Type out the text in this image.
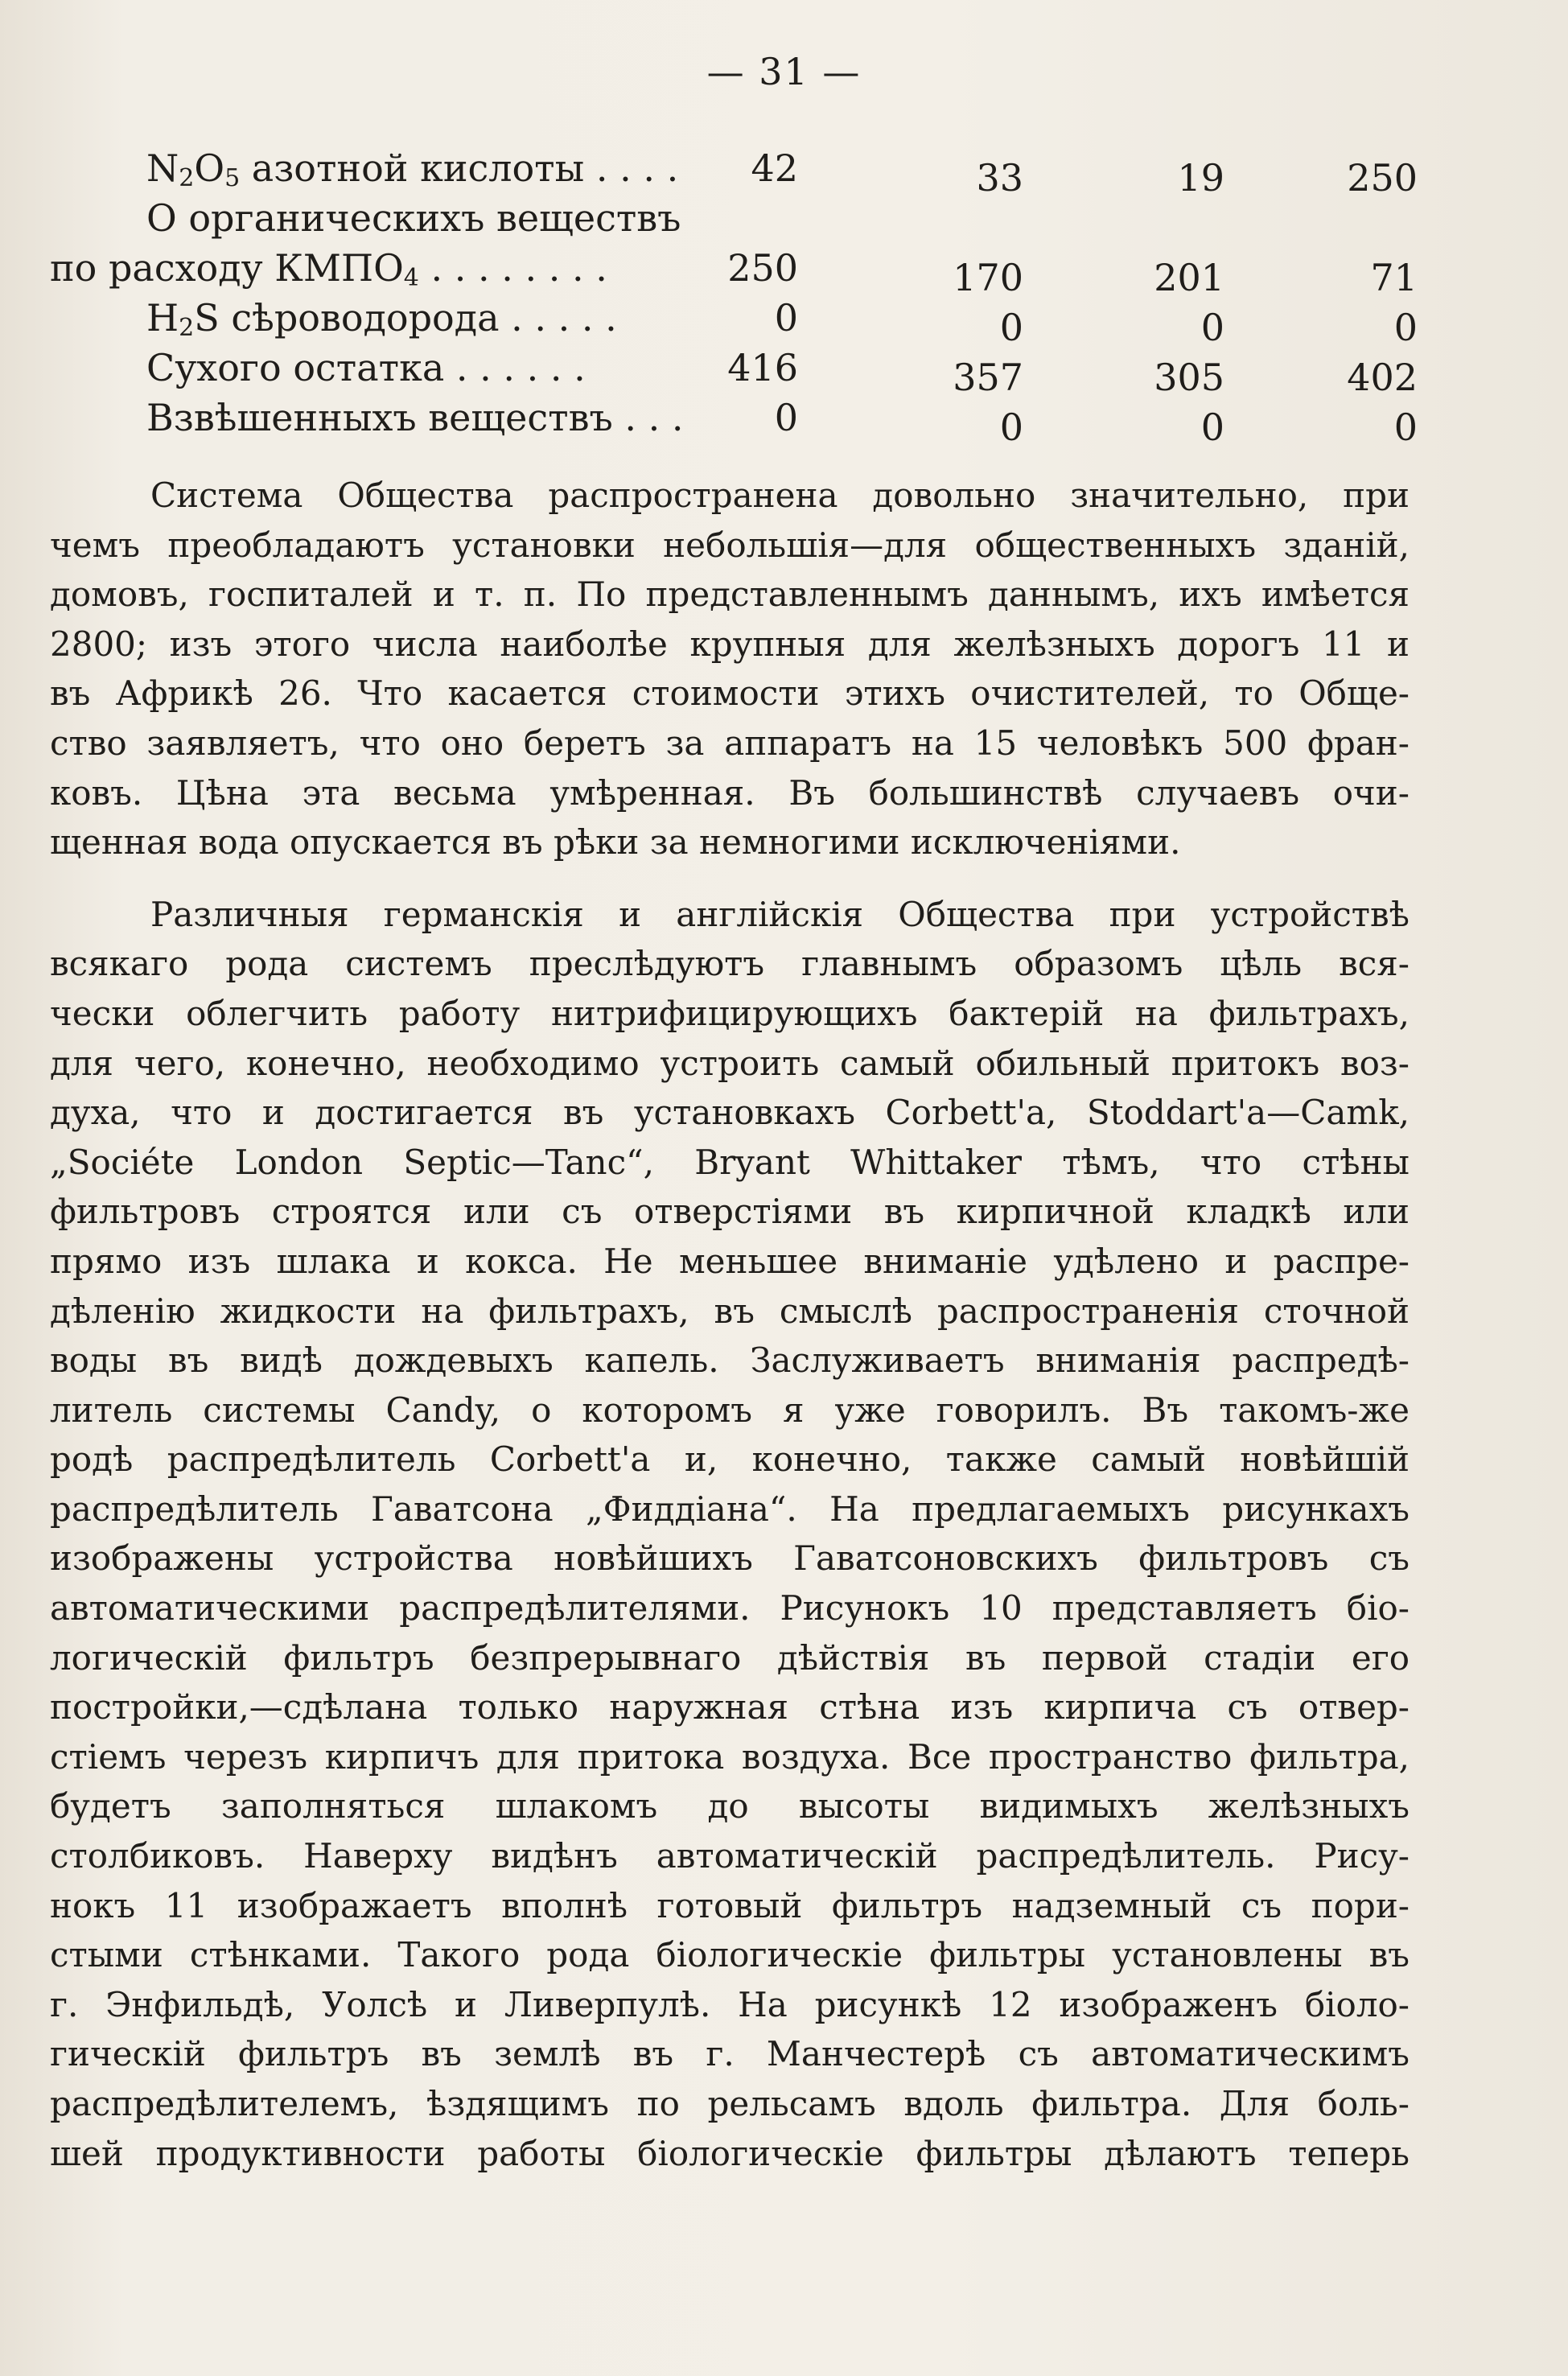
— 31 —
$N_2O_5$ азотной кислоты . . . .	42	33	19	250
О органическихъ веществъ
по расходу $КМПО_4$ . . . . . . . .	250	170	201	71
$H_2S$ сѣроводорода . . . . .	0	0	0	0
Сухого остатка . . . . . .	416	357	305	402
Взвѣшенныхъ веществъ . . .	0	0	0	0
Система Общества распространена довольно значительно, при
чемъ преобладаютъ установки небольшія—для общественныхъ зданій,
домовъ, госпиталей и т. п. По представленнымъ даннымъ, ихъ имѣется
2800; изъ этого числа наиболѣе крупныя для желѣзныхъ дорогъ 11 и
въ Африкѣ 26. Что касается стоимости этихъ очистителей, то Обще-
ство заявляетъ, что оно беретъ за аппаратъ на 15 человѣкъ 500 фран-
ковъ. Цѣна эта весьма умѣренная. Въ большинствѣ случаевъ очи-
щенная вода опускается въ рѣки за немногими исключеніями.
Различныя германскія и англійскія Общества при устройствѣ
всякаго рода системъ преслѣдуютъ главнымъ образомъ цѣль вся-
чески облегчить работу нитрифицирующихъ бактерій на фильтрахъ,
для чего, конечно, необходимо устроить самый обильный притокъ воз-
духа, что и достигается въ установкахъ Corbett'a, Stoddart'a—Camk,
„Sociéte London Septic—Tanc“, Bryant Whittaker тѣмъ, что стѣны
фильтровъ строятся или съ отверстіями въ кирпичной кладкѣ или
прямо изъ шлака и кокса. Не меньшее вниманіе удѣлено и распре-
дѣленію жидкости на фильтрахъ, въ смыслѣ распространенія сточной
воды въ видѣ дождевыхъ капель. Заслуживаетъ вниманія распредѣ-
литель системы Candy, о которомъ я уже говорилъ. Въ такомъ-же
родѣ распредѣлитель Corbett'a и, конечно, также самый новѣйшій
распредѣлитель Гаватсона „Фиддіана“. На предлагаемыхъ рисункахъ
изображены устройства новѣйшихъ Гаватсоновскихъ фильтровъ съ
автоматическими распредѣлителями. Рисунокъ 10 представляетъ біо-
логическій фильтръ безпрерывнаго дѣйствія въ первой стадіи его
постройки,—сдѣлана только наружная стѣна изъ кирпича съ отвер-
стіемъ черезъ кирпичъ для притока воздуха. Все пространство фильтра,
будетъ заполняться шлакомъ до высоты видимыхъ желѣзныхъ
столбиковъ. Наверху видѣнъ автоматическій распредѣлитель. Рису-
нокъ 11 изображаетъ вполнѣ готовый фильтръ надземный съ пори-
стыми стѣнками. Такого рода біологическіе фильтры установлены въ
г. Энфильдѣ, Уолсѣ и Ливерпулѣ. На рисункѣ 12 изображенъ біоло-
гическій фильтръ въ землѣ въ г. Манчестерѣ съ автоматическимъ
распредѣлителемъ, ѣздящимъ по рельсамъ вдоль фильтра. Для боль-
шей продуктивности работы біологическіе фильтры дѣлаютъ теперь
